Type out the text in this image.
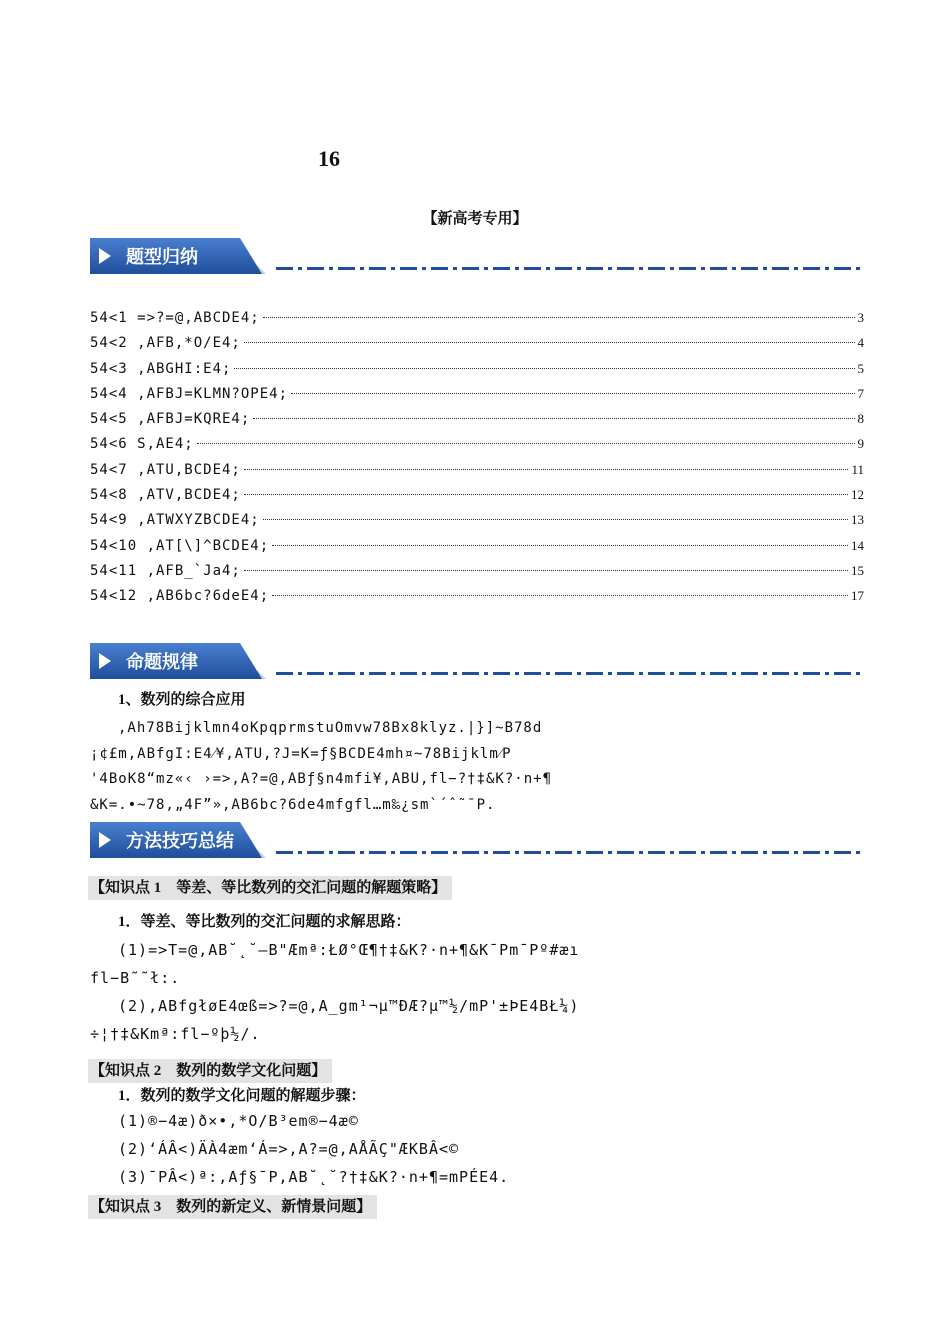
16
【新高考专用】
题型归纳
54<1 =>?=@,ABCDE4;	3
54<2 ,AFB,*O/E4;	4
54<3 ,ABGHI:E4;	5
54<4 ,AFBJ=KLMN?OPE4;	7
54<5 ,AFBJ=KQRE4;	8
54<6 S,AE4;	9
54<7 ,ATU,BCDE4;	11
54<8 ,ATV,BCDE4;	12
54<9 ,ATWXYZBCDE4;	13
54<10 ,AT[\]^BCDE4;	14
54<11 ,AFB_`Ja4;	15
54<12 ,AB6bc?6deE4;	17
命题规律
1、数列的综合应用
,Ah78Bijklmn4oKpqprmstuOmvw78Bx8klyz.|}]~B78d
¡¢£m,ABfgI:E4⁄¥,ATU,?J=K=ƒ§BCDE4mh¤~78Bijklm⁄P
'4BoK8“mz«‹ ›=>,A?=@,ABƒ§n4mfi¥,ABU,fl−?†‡&K?·n+¶
&K=.•~78,„4F”»,AB6bc?6de4mfgfl…m‰¿sm`´ˆ˜¯P.
方法技巧总结
【知识点 1　等差、等比数列的交汇问题的解题策略】
1．等差、等比数列的交汇问题的求解思路：
(1)=>T=@,AB˘˛˘—B"Æmª:ŁØ°Œ¶†‡&K?·n+¶&K¯Pm¯Pº#æı
fl−B˜˜ł:.
(2),ABfgłøE4œß=>?=@,A_gm¹¬µ™ÐÆ?µ™½/mP'±ÞE4BŁ¼)
÷¦†‡&Kmª:fl−ºþ½/.
【知识点 2　数列的数学文化问题】
1．数列的数学文化问题的解题步骤：
(1)®−4æ)ð×•,*O/B³em®−4æ©
(2)‘ÁÂ<)ÄÀ4æm‘Á=>,A?=@,AÅÃÇ"ÆKBÂ<©
(3)¯PÂ<)ª:,Aƒ§¯P,AB˘˛˘?†‡&K?·n+¶=mPÉE4.
【知识点 3　数列的新定义、新情景问题】
